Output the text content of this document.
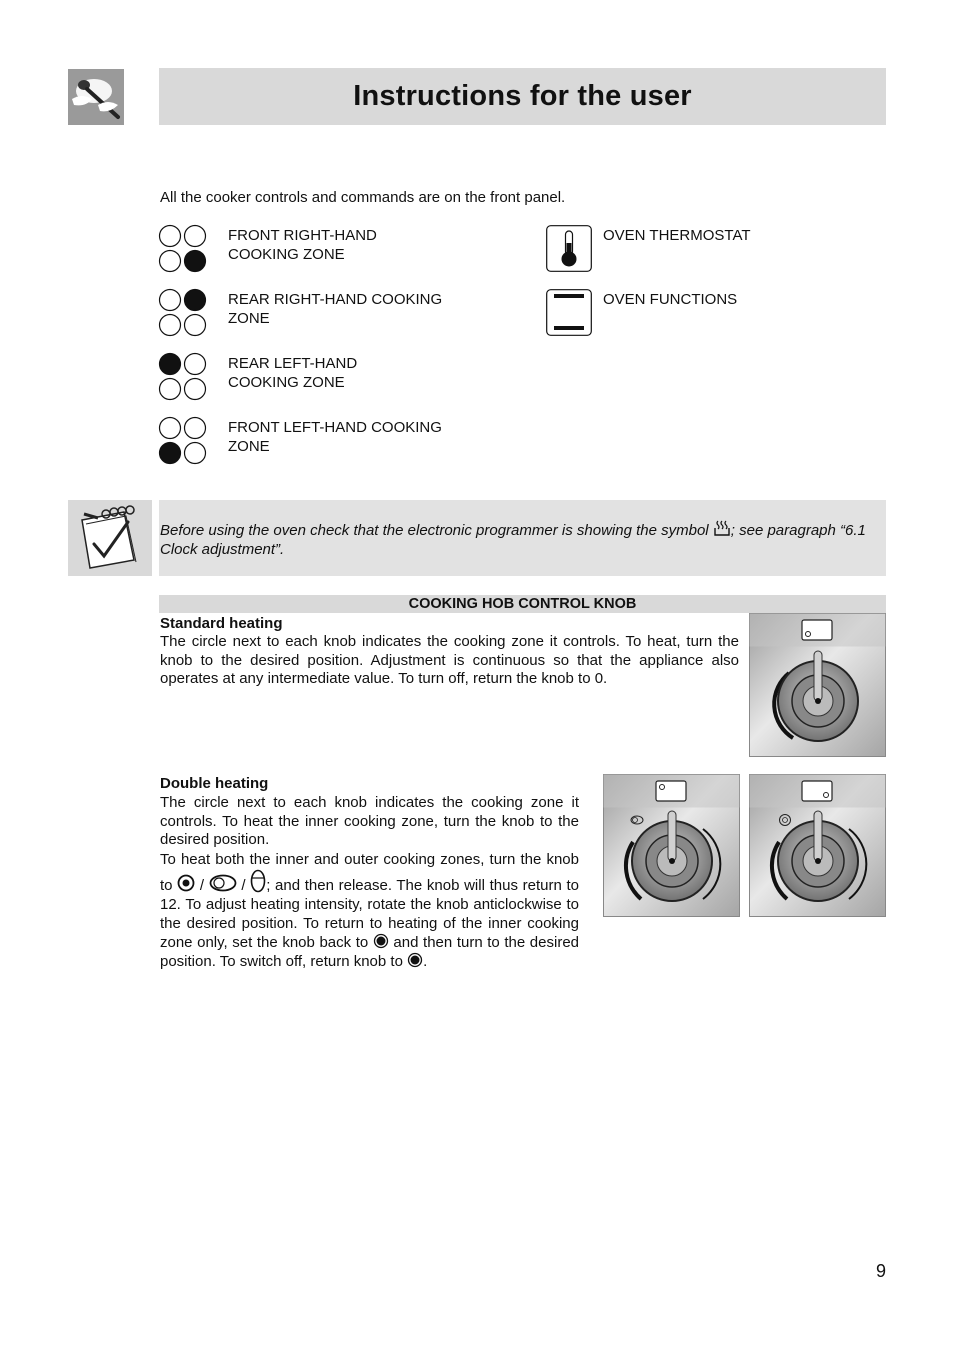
Instructions for the user
All the cooker controls and commands are on the front panel.
FRONT RIGHT-HAND COOKING ZONE
REAR RIGHT-HAND COOKING ZONE
REAR LEFT-HAND COOKING ZONE
FRONT LEFT-HAND COOKING ZONE
OVEN THERMOSTAT
OVEN FUNCTIONS
Before using the oven check that the electronic programmer is showing the symbol
; see paragraph “6.1 Clock adjustment”.
COOKING HOB CONTROL KNOB
Standard heating
The circle next to each knob indicates the cooking zone it controls. To heat, turn the knob to the desired position. Adjustment is continuous so that the appliance also operates at any intermediate value. To turn off, return the knob to 0.
Double heating
The circle next to each knob indicates the cooking zone it controls. To heat the inner cooking zone, turn the knob to the desired position.
To heat both the inner and outer cooking zones, turn the knob to
/
/
; and then release. The knob will thus return to 12. To adjust heating intensity, rotate the knob anticlockwise to the desired position. To return to heating of the inner cooking zone only, set the knob back to
and then turn to the desired position. To switch off, return knob to
.
9
